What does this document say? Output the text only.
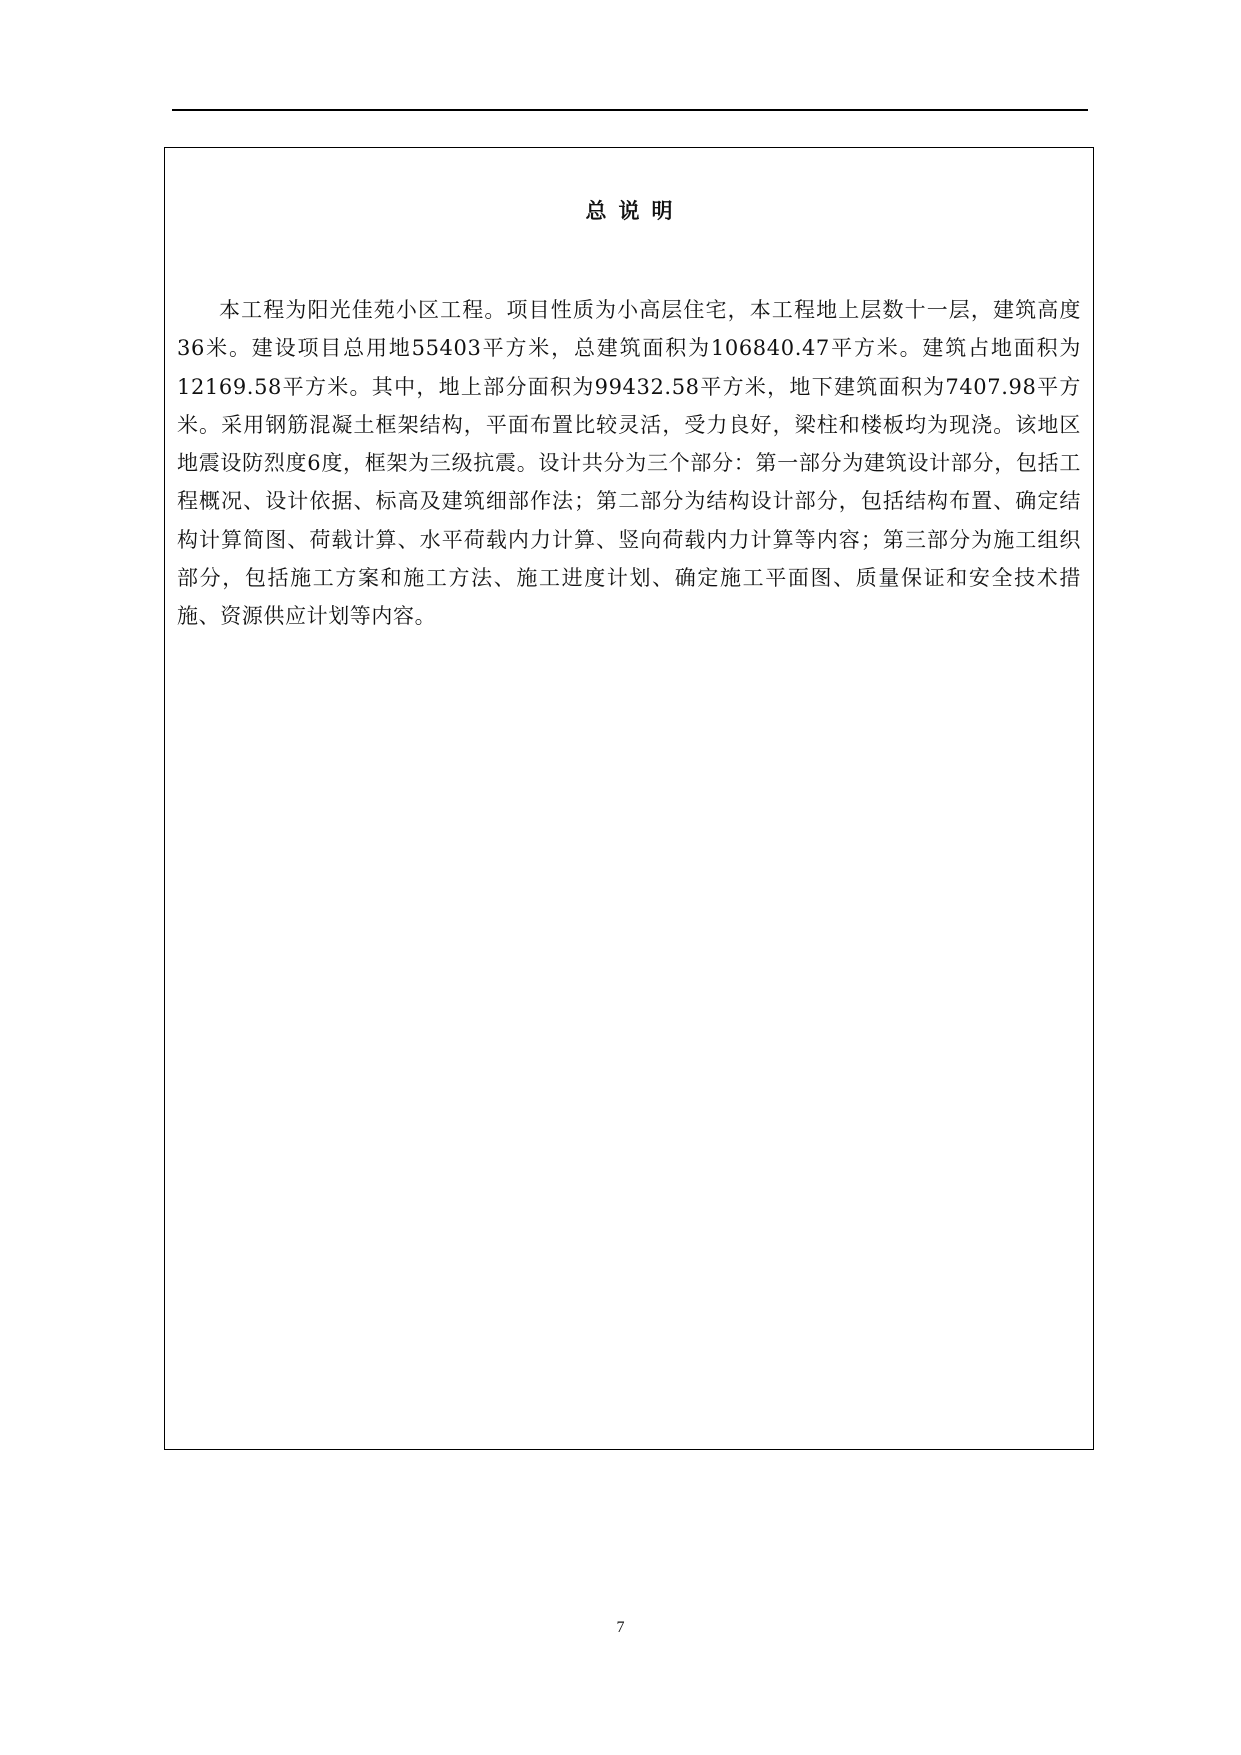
总说明

本工程为阳光佳苑小区工程。项目性质为小高层住宅，本工程地上层数十一层，建筑高度36米。建设项目总用地55403平方米，总建筑面积为106840.47平方米。建筑占地面积为12169.58平方米。其中，地上部分面积为99432.58平方米，地下建筑面积为7407.98平方米。采用钢筋混凝土框架结构，平面布置比较灵活，受力良好，梁柱和楼板均为现浇。该地区地震设防烈度6度，框架为三级抗震。设计共分为三个部分：第一部分为建筑设计部分，包括工程概况、设计依据、标高及建筑细部作法；第二部分为结构设计部分，包括结构布置、确定结构计算简图、荷载计算、水平荷载内力计算、竖向荷载内力计算等内容；第三部分为施工组织部分，包括施工方案和施工方法、施工进度计划、确定施工平面图、质量保证和安全技术措施、资源供应计划等内容。

7
